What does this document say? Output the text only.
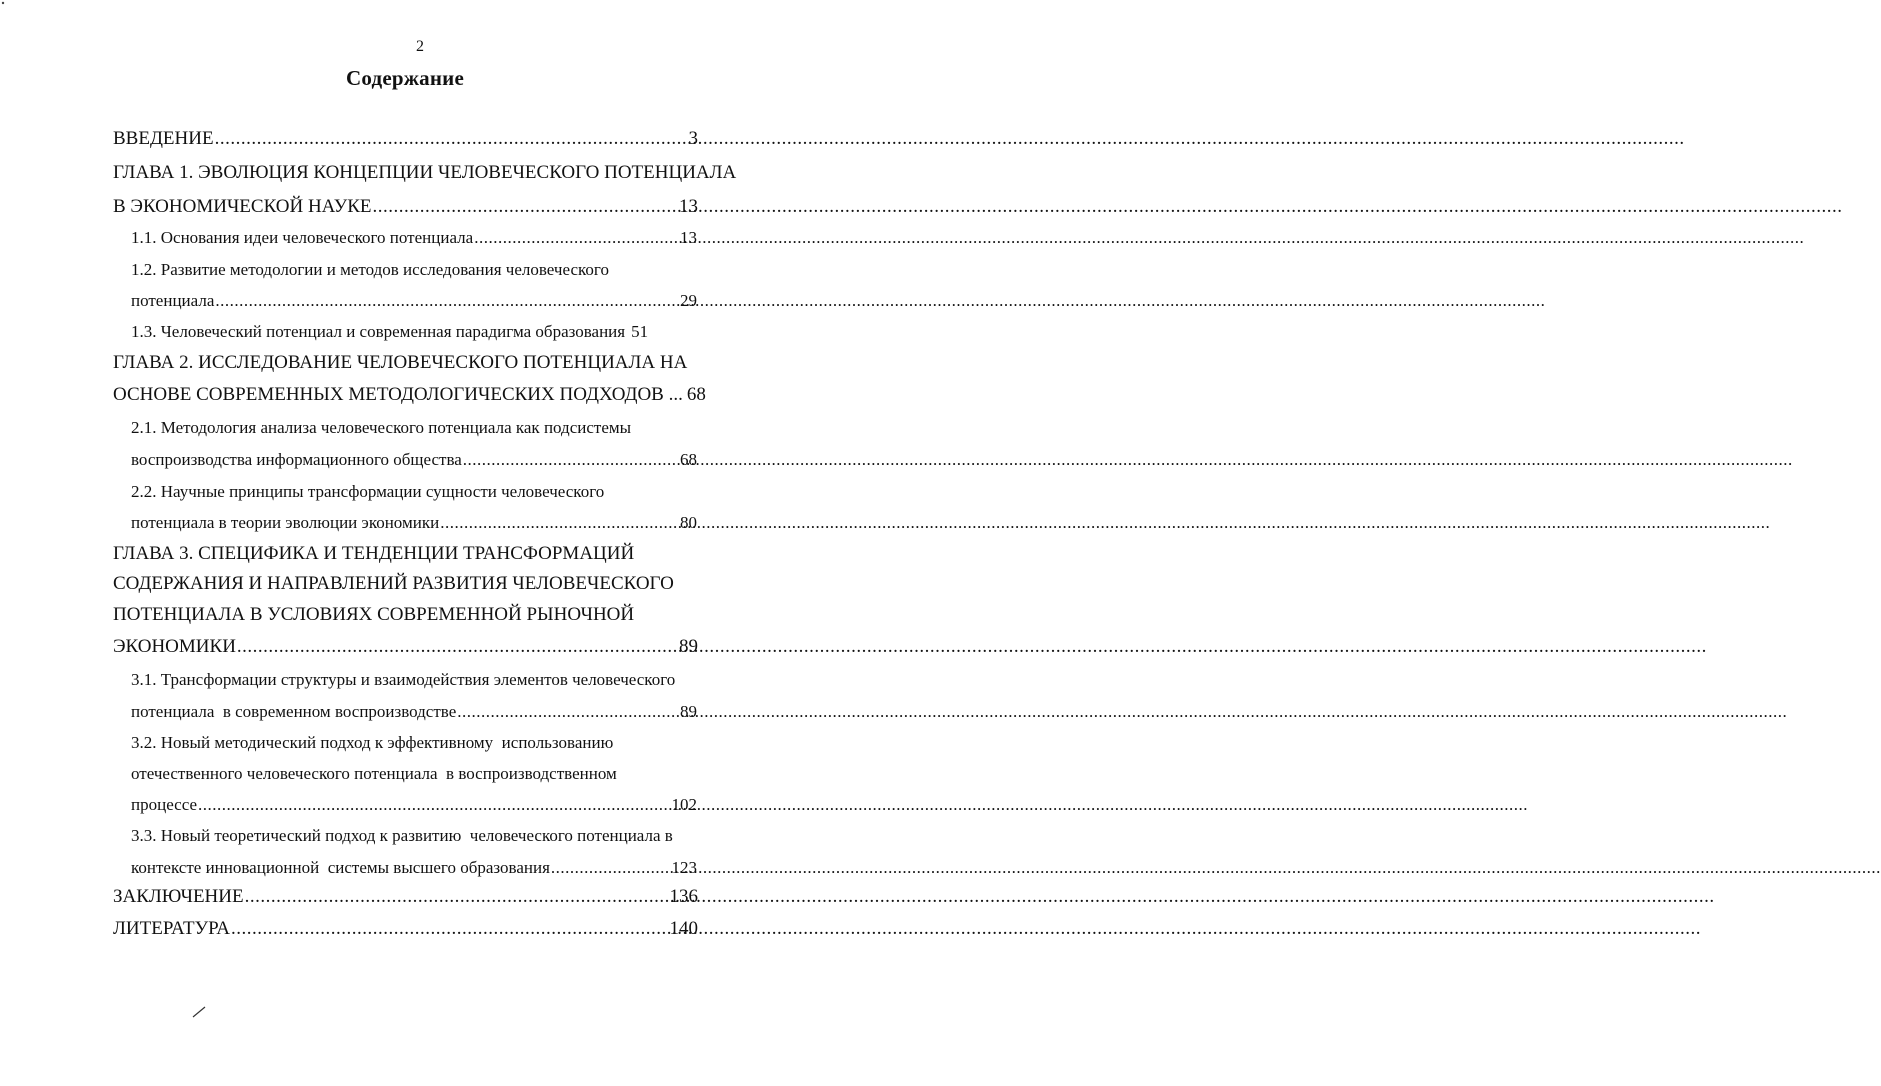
2
Содержание
ВВЕДЕНИЕ .....	3
ГЛАВА 1. ЭВОЛЮЦИЯ КОНЦЕПЦИИ ЧЕЛОВЕЧЕСКОГО ПОТЕНЦИАЛА
В ЭКОНОМИЧЕСКОЙ НАУКЕ .....	13
1.1. Основания идеи человеческого потенциала .....	13
1.2. Развитие методологии и методов исследования человеческого
потенциала .....	29
1.3. Человеческий потенциал и современная парадигма образования 51
ГЛАВА 2. ИССЛЕДОВАНИЕ ЧЕЛОВЕЧЕСКОГО ПОТЕНЦИАЛА НА
ОСНОВЕ СОВРЕМЕННЫХ МЕТОДОЛОГИЧЕСКИХ ПОДХОДОВ ... 68
2.1. Методология анализа человеческого потенциала как подсистемы
воспроизводства информационного общества .....	68
2.2. Научные принципы трансформации сущности человеческого
потенциала в теории эволюции экономики .....	80
ГЛАВА 3. СПЕЦИФИКА И ТЕНДЕНЦИИ ТРАНСФОРМАЦИЙ
СОДЕРЖАНИЯ И НАПРАВЛЕНИЙ РАЗВИТИЯ ЧЕЛОВЕЧЕСКОГО
ПОТЕНЦИАЛА В УСЛОВИЯХ СОВРЕМЕННОЙ РЫНОЧНОЙ
ЭКОНОМИКИ .....	89
3.1. Трансформации структуры и взаимодействия элементов человеческого
потенциала  в современном воспроизводстве .....	89
3.2. Новый методический подход к эффективному  использованию
отечественного человеческого потенциала  в воспроизводственном
процессе .....	102
3.3. Новый теоретический подход к развитию  человеческого потенциала в
контексте инновационной  системы высшего образования .....	123
ЗАКЛЮЧЕНИЕ .....	136
ЛИТЕРАТУРА .....	140
